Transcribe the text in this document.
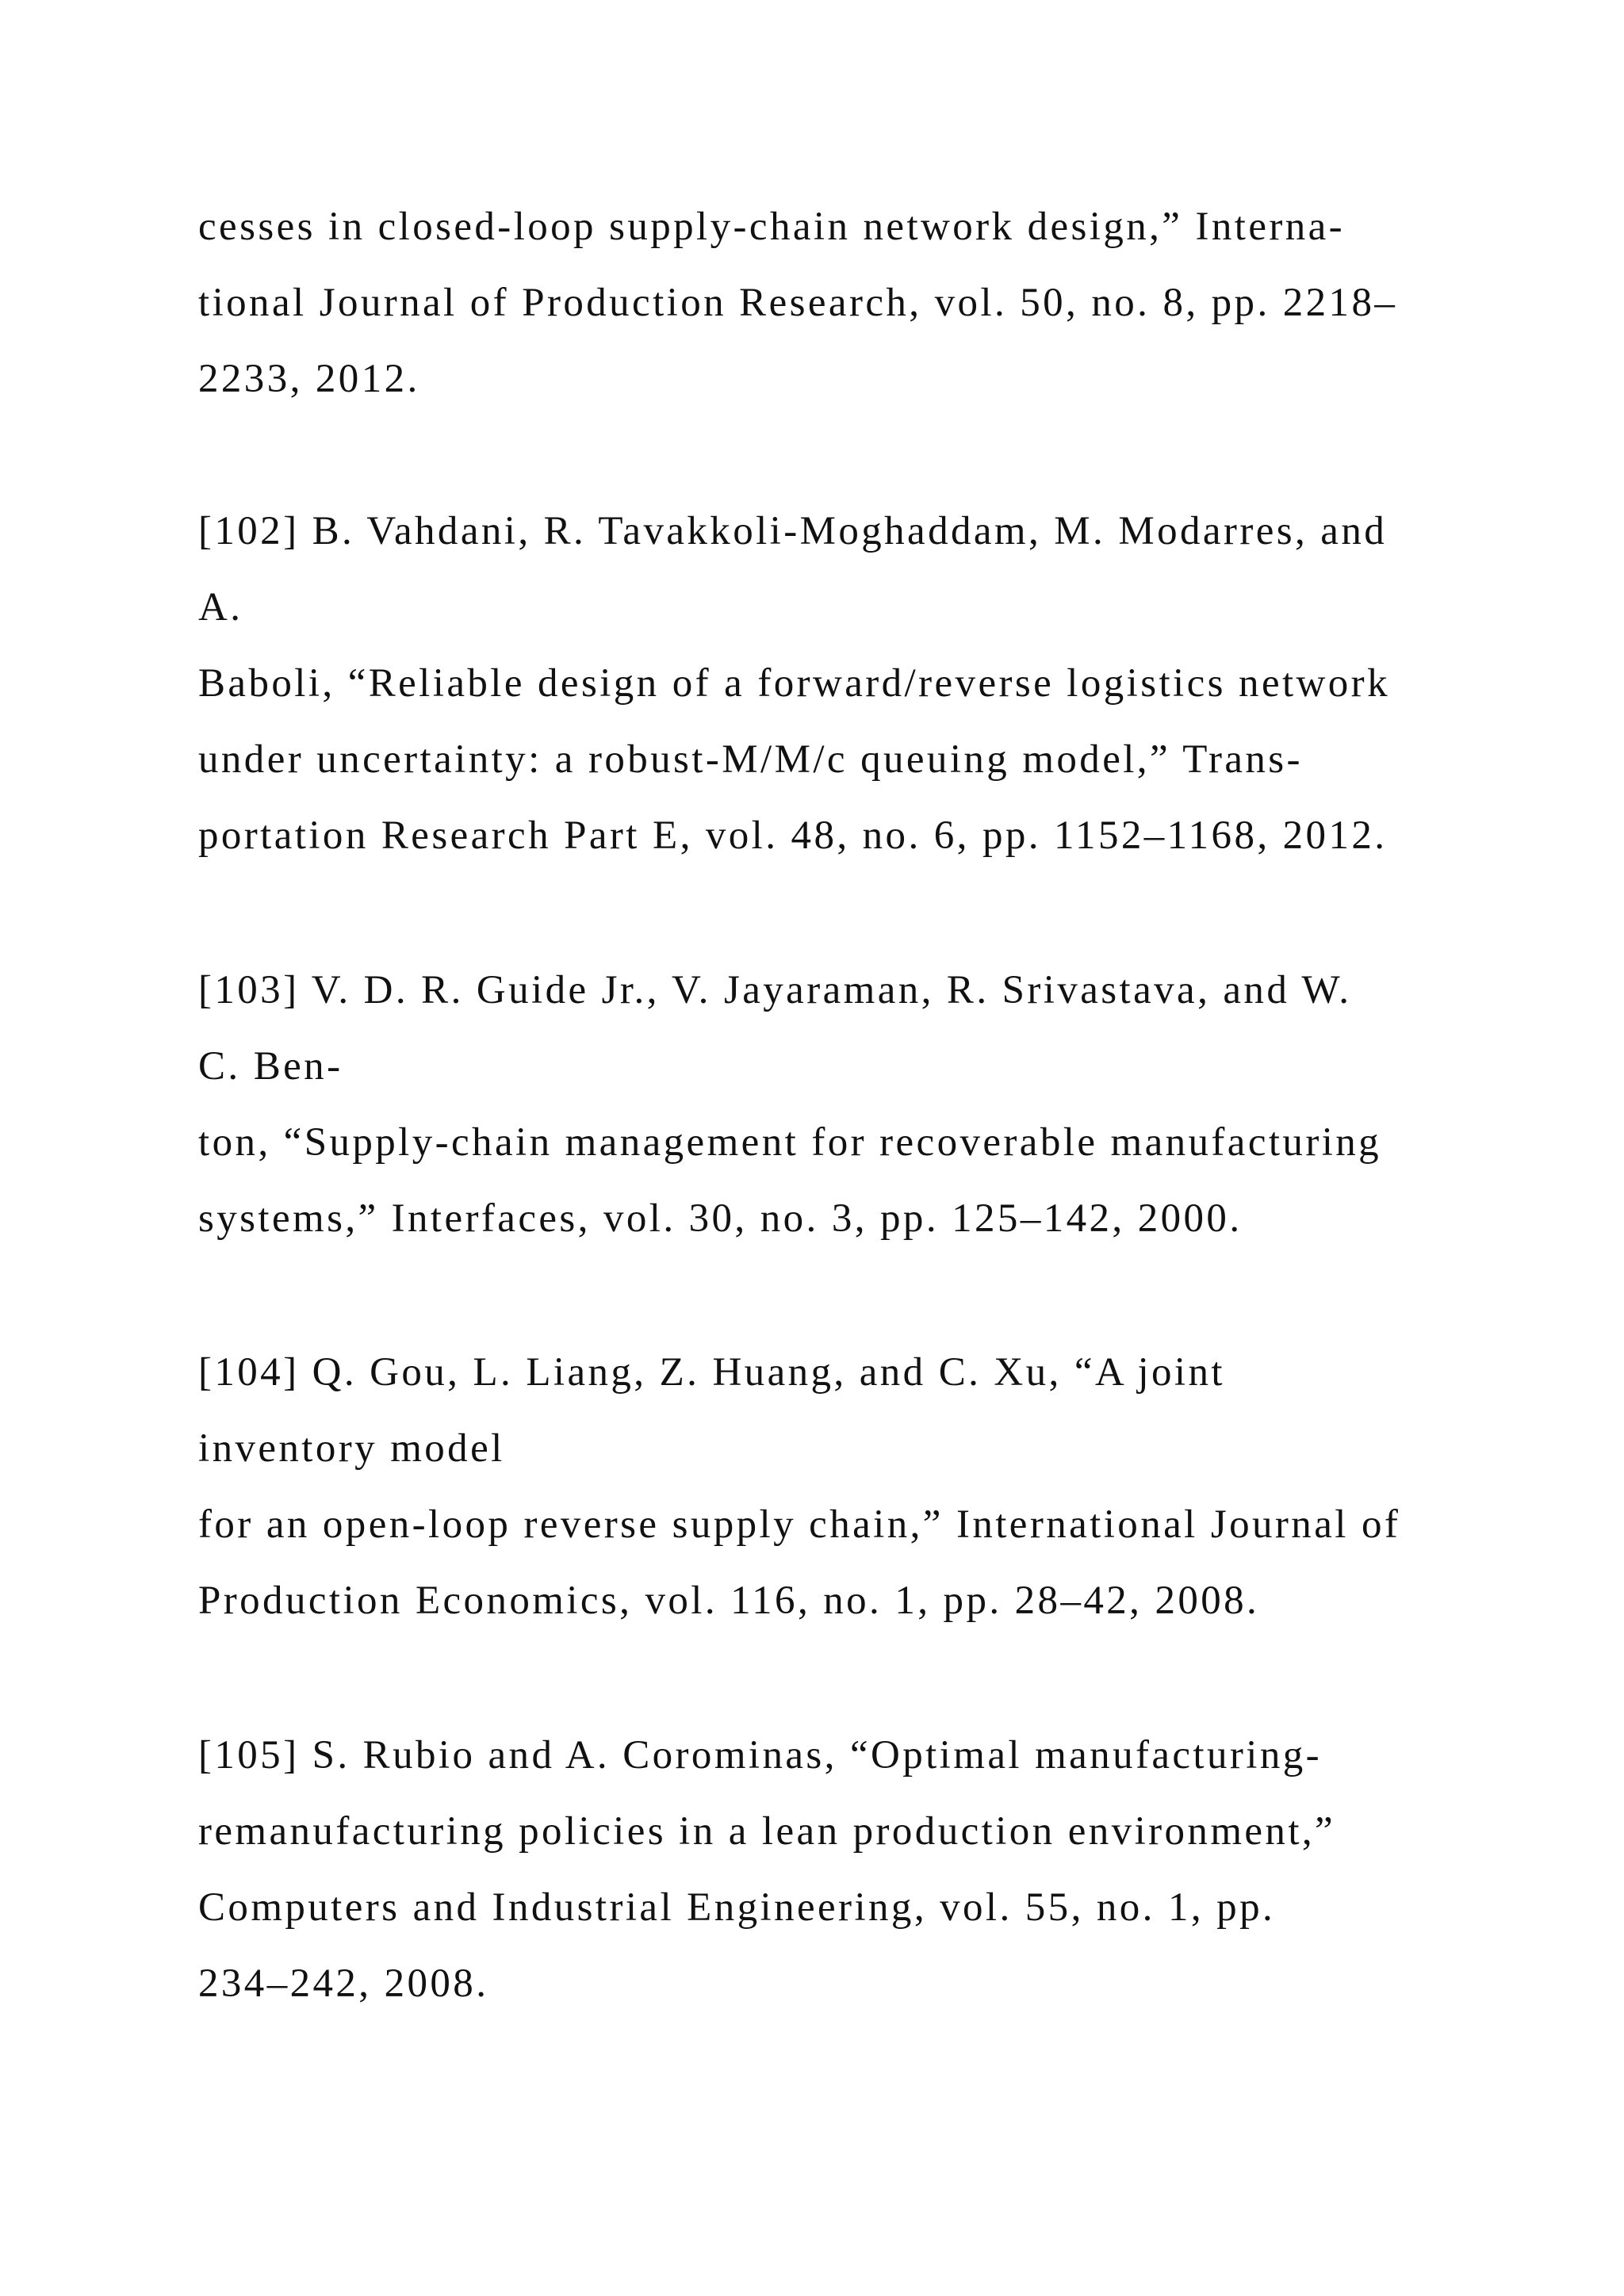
cesses in closed-loop supply-chain network design,” Interna-
tional Journal of Production Research, vol. 50, no. 8, pp. 2218–
2233, 2012.
[102] B. Vahdani, R. Tavakkoli-Moghaddam, M. Modarres, and
A.
Baboli, “Reliable design of a forward/reverse logistics network
under uncertainty: a robust-M/M/c queuing model,” Trans-
portation Research Part E, vol. 48, no. 6, pp. 1152–1168, 2012.
[103] V. D. R. Guide Jr., V. Jayaraman, R. Srivastava, and W.
C. Ben-
ton, “Supply-chain management for recoverable manufacturing
systems,” Interfaces, vol. 30, no. 3, pp. 125–142, 2000.
[104] Q. Gou, L. Liang, Z. Huang, and C. Xu, “A joint
inventory model
for an open-loop reverse supply chain,” International Journal of
Production Economics, vol. 116, no. 1, pp. 28–42, 2008.
[105] S. Rubio and A. Corominas, “Optimal manufacturing-
remanufacturing policies in a lean production environment,”
Computers and Industrial Engineering, vol. 55, no. 1, pp.
234–242, 2008.
